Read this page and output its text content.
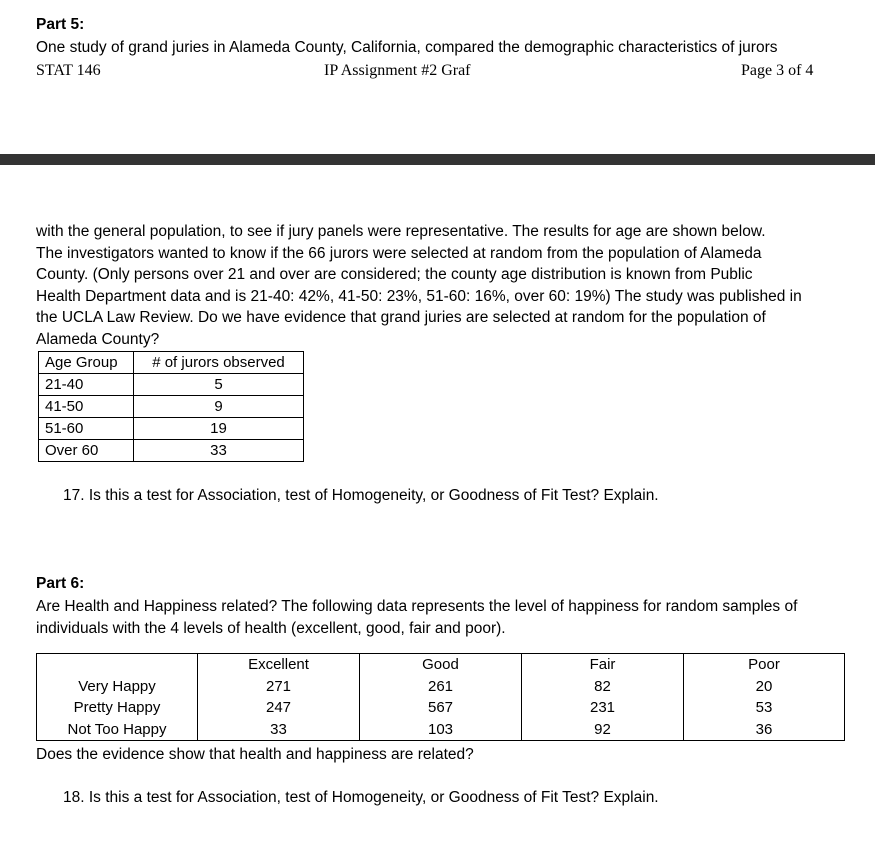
Part 5:
One study of grand juries in Alameda County, California, compared the demographic characteristics of jurors
STAT 146	IP Assignment #2 Graf	Page 3 of 4
with the general population, to see if jury panels were representative. The results for age are shown below.
The investigators wanted to know if the 66 jurors were selected at random from the population of Alameda
County. (Only persons over 21 and over are considered; the county age distribution is known from Public
Health Department data and is 21-40: 42%, 41-50: 23%, 51-60: 16%, over 60: 19%) The study was published in
the UCLA Law Review. Do we have evidence that grand juries are selected at random for the population of
Alameda County?
Age Group	# of jurors observed
21-40	5
41-50	9
51-60	19
Over 60	33
17. Is this a test for Association, test of Homogeneity, or Goodness of Fit Test? Explain.
Part 6:
Are Health and Happiness related? The following data represents the level of happiness for random samples of
individuals with the 4 levels of health (excellent, good, fair and poor).
	Excellent	Good	Fair	Poor
Very Happy	271	261	82	20
Pretty Happy	247	567	231	53
Not Too Happy	33	103	92	36
Does the evidence show that health and happiness are related?
18. Is this a test for Association, test of Homogeneity, or Goodness of Fit Test? Explain.
